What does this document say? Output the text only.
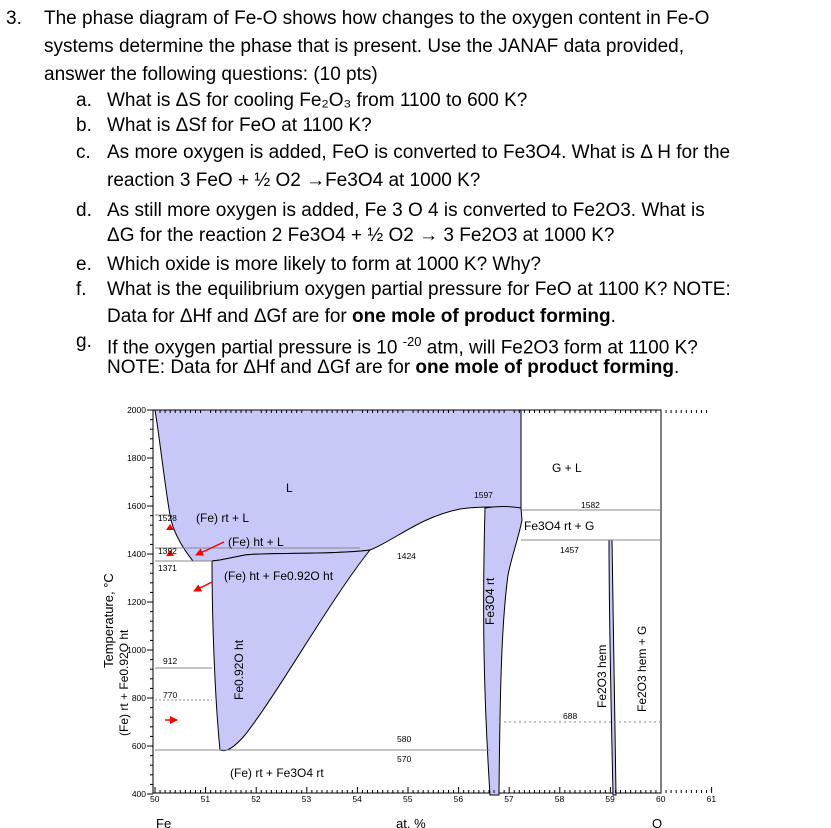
3. The phase diagram of Fe-O shows how changes to the oxygen content in Fe-O
systems determine the phase that is present. Use the JANAF data provided,
answer the following questions: (10 pts)
a. What is ΔS for cooling Fe₂O₃ from 1100 to 600 K?
b. What is ΔSf for FeO at 1100 K?
c. As more oxygen is added, FeO is converted to Fe3O4. What is Δ H for the
reaction 3 FeO + ½ O2 →Fe3O4 at 1000 K?
d. As still more oxygen is added, Fe 3 O 4 is converted to Fe2O3. What is
ΔG for the reaction 2 Fe3O4 + ½ O2 → 3 Fe2O3 at 1000 K?
e. Which oxide is more likely to form at 1000 K? Why?
f. What is the equilibrium oxygen partial pressure for FeO at 1100 K? NOTE:
Data for ΔHf and ΔGf are for one mole of product forming.
g. If the oxygen partial pressure is 10 $^{-20}$ atm, will Fe2O3 form at 1100 K?
NOTE: Data for ΔHf and ΔGf are for one mole of product forming.
50	51	52	53	54	55	56	57	58	59	60	61
2000
1800
1600
1400
1200
1000
800
600
400
1528
1392
1371
912
770
1424
1597
1582
1457
688
580
570
L
G + L
(Fe) rt + L
(Fe) ht + L
(Fe) ht + Fe0.92O ht
Fe3O4 rt + G
(Fe) rt + Fe3O4 rt
Fe0.92O ht
Fe3O4 rt
Fe2O3 hem Fe2O3 hem + G
(Fe) rt + Fe0.92O ht
Temperature, °C
at. %
Fe	O
